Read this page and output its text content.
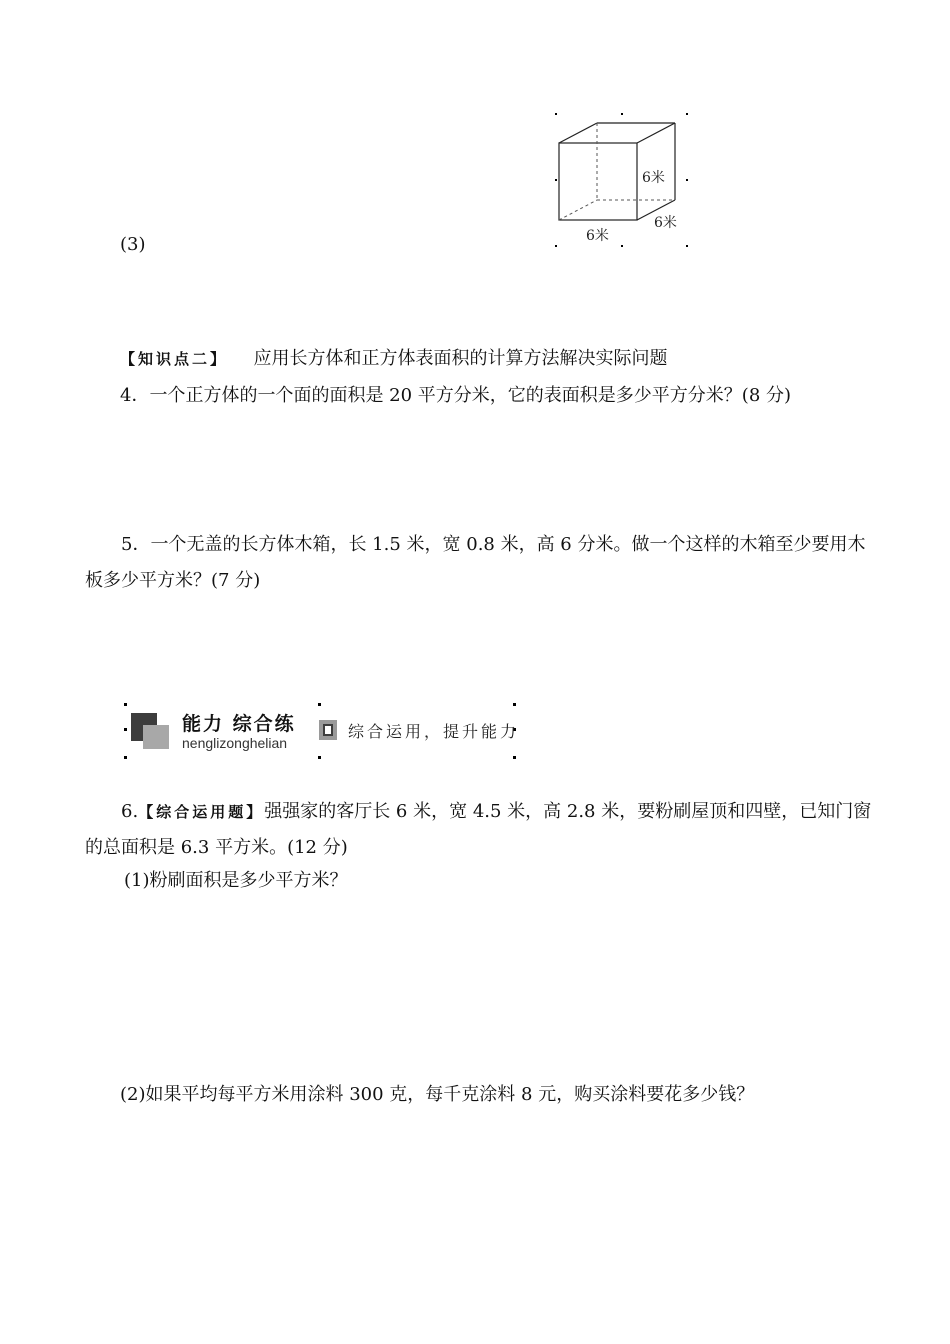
(3)
6米
6米
6米
【知识点二】 应用长方体和正方体表面积的计算方法解决实际问题
4．一个正方体的一个面的面积是 20 平方分米，它的表面积是多少平方分米？(8 分)
5．一个无盖的长方体木箱，长 1.5 米，宽 0.8 米，高 6 分米。做一个这样的木箱至少要用木板多少平方米？(7 分)
能力 综合练
nenglizonghelian
综合运用，提升能力
6.【综合运用题】强强家的客厅长 6 米，宽 4.5 米，高 2.8 米，要粉刷屋顶和四壁，已知门窗的总面积是 6.3 平方米。(12 分)
(1)粉刷面积是多少平方米？
(2)如果平均每平方米用涂料 300 克，每千克涂料 8 元，购买涂料要花多少钱？
